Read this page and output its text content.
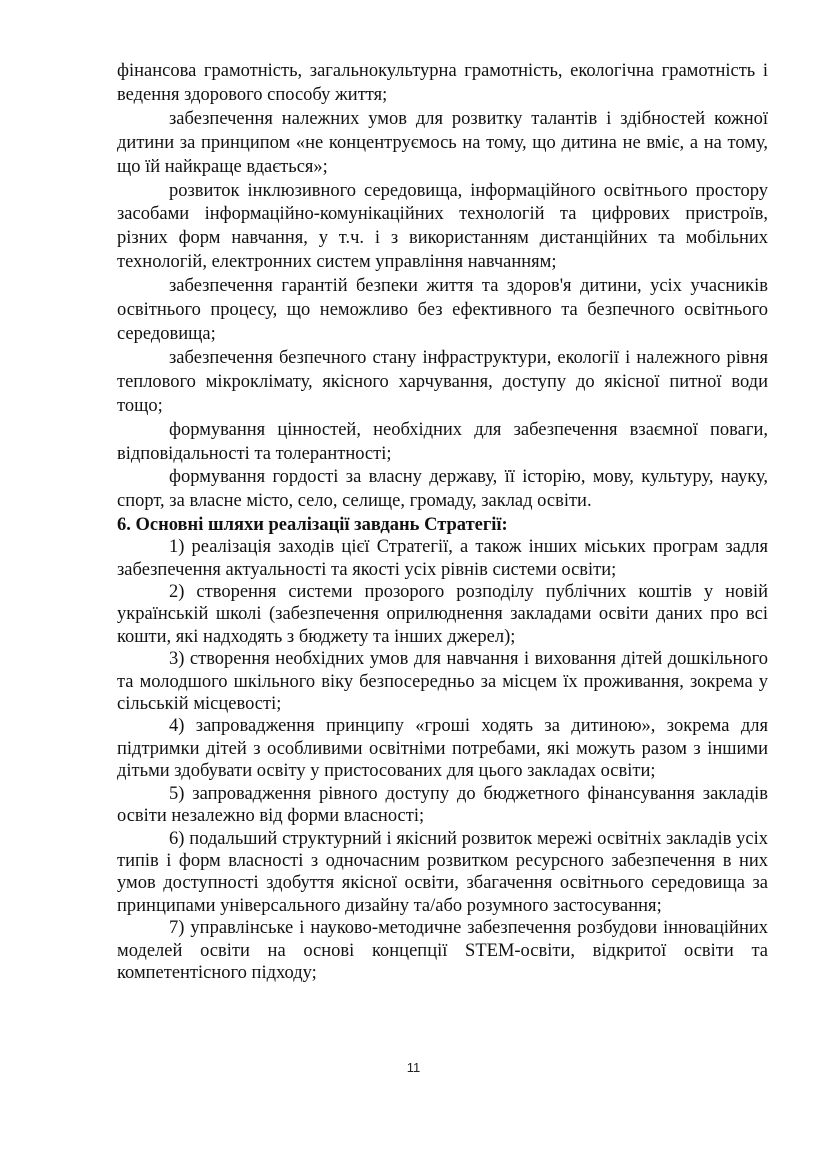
фінансова грамотність, загальнокультурна грамотність, екологічна грамотність і ведення здорового способу життя;

забезпечення належних умов для розвитку талантів і здібностей кожної дитини за принципом «не концентруємось на тому, що дитина не вміє, а на тому, що їй найкраще вдається»;

розвиток інклюзивного середовища, інформаційного освітнього простору засобами інформаційно-комунікаційних технологій та цифрових пристроїв, різних форм навчання, у т.ч. і з використанням дистанційних та мобільних технологій, електронних систем управління навчанням;

забезпечення гарантій безпеки життя та здоров'я дитини, усіх учасників освітнього процесу, що неможливо без ефективного та безпечного освітнього середовища;

забезпечення безпечного стану інфраструктури, екології і належного рівня теплового мікроклімату, якісного харчування, доступу до якісної питної води тощо;

формування цінностей, необхідних для забезпечення взаємної поваги, відповідальності та толерантності;

формування гордості за власну державу, її історію, мову, культуру, науку, спорт, за власне місто, село, селище, громаду, заклад освіти.

6. Основні шляхи реалізації завдань Стратегії:

1) реалізація заходів цієї Стратегії, а також інших міських програм задля забезпечення актуальності та якості усіх рівнів системи освіти;

2) створення системи прозорого розподілу публічних коштів у новій українській школі (забезпечення оприлюднення закладами освіти даних про всі кошти, які надходять з бюджету та інших джерел);

3) створення необхідних умов для навчання і виховання дітей дошкільного та молодшого шкільного віку безпосередньо за місцем їх проживання, зокрема у сільській місцевості;

4) запровадження принципу «гроші ходять за дитиною», зокрема для підтримки дітей з особливими освітніми потребами, які можуть разом з іншими дітьми здобувати освіту у пристосованих для цього закладах освіти;

5) запровадження рівного доступу до бюджетного фінансування закладів освіти незалежно від форми власності;

6) подальший структурний і якісний розвиток мережі освітніх закладів усіх типів і форм власності з одночасним розвитком ресурсного забезпечення в них умов доступності здобуття якісної освіти, збагачення освітнього середовища за принципами універсального дизайну та/або розумного застосування;

7) управлінське і науково-методичне забезпечення розбудови інноваційних моделей освіти на основі концепції STEM-освіти, відкритої освіти та компетентісного підходу;

11
